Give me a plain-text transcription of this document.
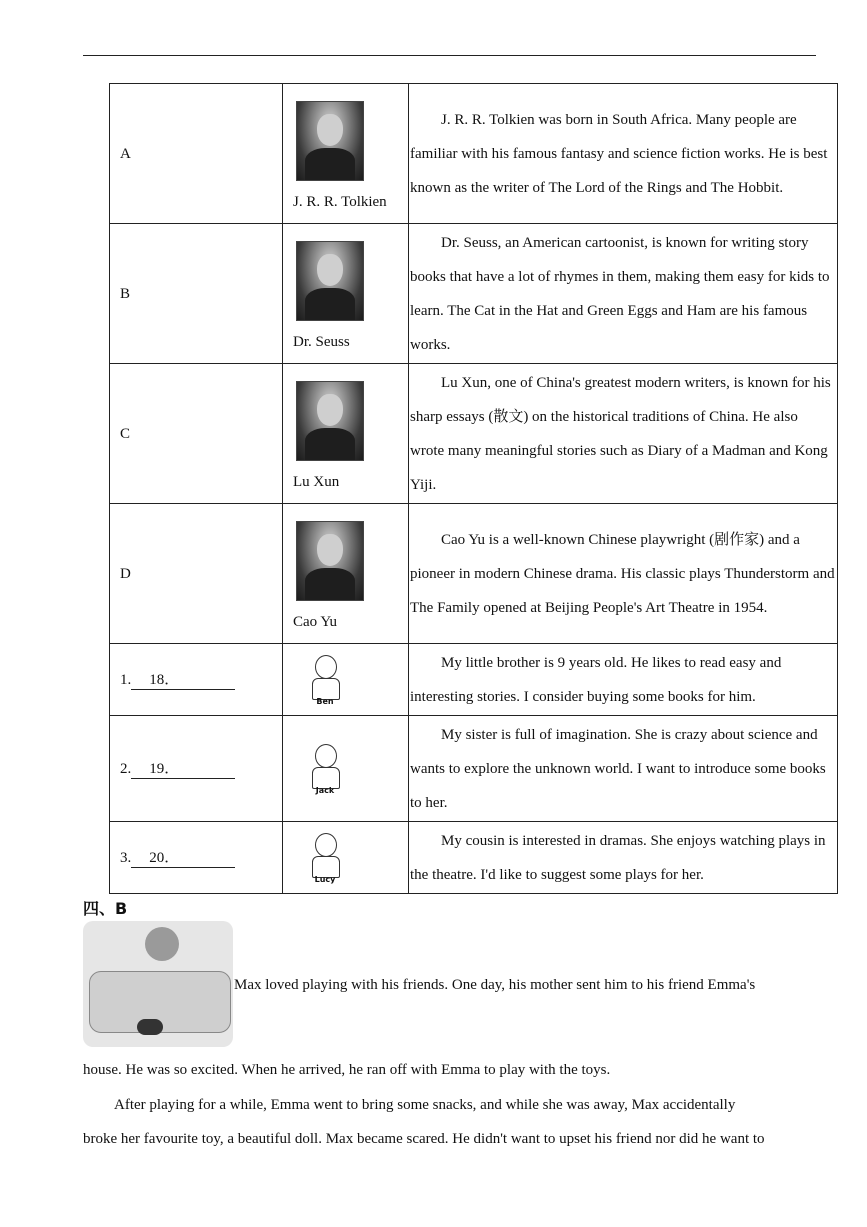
A	J. R. R. Tolkien	J. R. R. Tolkien was born in South Africa. Many people are familiar with his famous fantasy and science fiction works. He is best known as the writer of The Lord of the Rings and The Hobbit.
B	Dr. Seuss	Dr. Seuss, an American cartoonist, is known for writing story books that have a lot of rhymes in them, making them easy for kids to learn. The Cat in the Hat and Green Eggs and Ham are his famous works.
C	Lu Xun	Lu Xun, one of China's greatest modern writers, is known for his sharp essays (散文) on the historical traditions of China. He also wrote many meaningful stories such as Diary of a Madman and Kong Yiji.
D	Cao Yu	Cao Yu is a well-known Chinese playwright (剧作家) and a pioneer in modern Chinese drama. His classic plays Thunderstorm and The Family opened at Beijing People's Art Theatre in 1954.
1. 18．	Ben	My little brother is 9 years old. He likes to read easy and interesting stories. I consider buying some books for him.
2. 19．	Jack	My sister is full of imagination. She is crazy about science and wants to explore the unknown world. I want to introduce some books to her.
3. 20．	Lucy	My cousin is interested in dramas. She enjoys watching plays in the theatre. I'd like to suggest some plays for her.
四、B

Max loved playing with his friends. One day, his mother sent him to his friend Emma's

house. He was so excited. When he arrived, he ran off with Emma to play with the toys.

After playing for a while, Emma went to bring some snacks, and while she was away, Max accidentally

broke her favourite toy, a beautiful doll. Max became scared. He didn't want to upset his friend nor did he want to
